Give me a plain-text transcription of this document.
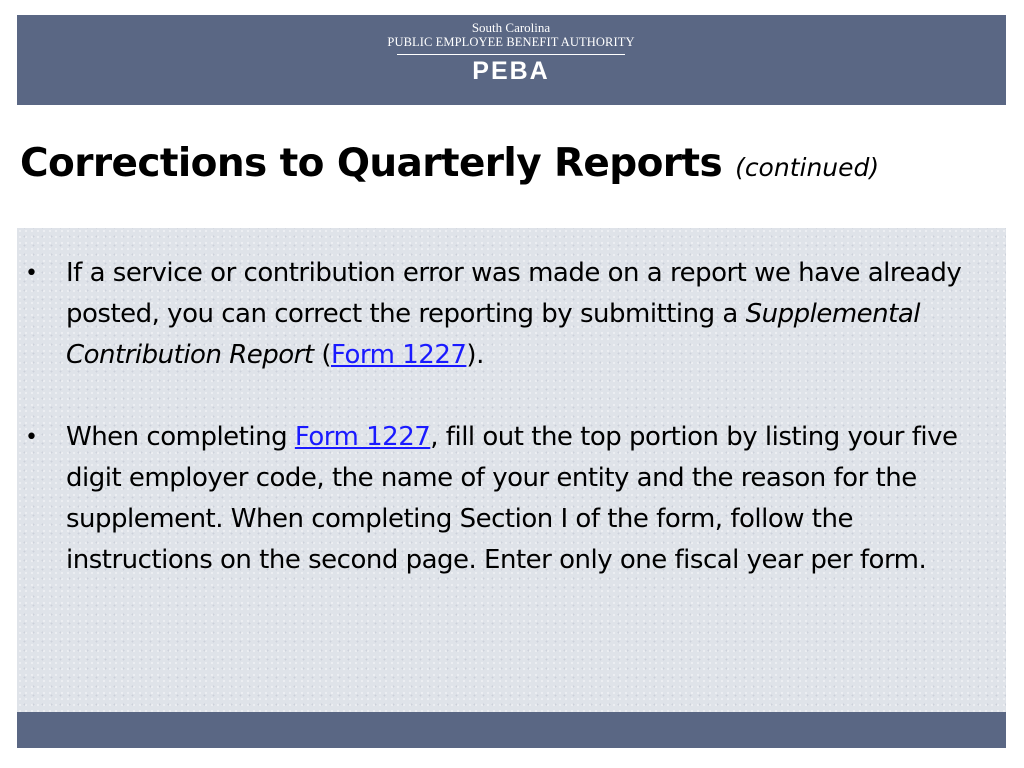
South Carolina
PUBLIC EMPLOYEE BENEFIT AUTHORITY
PEBA
Corrections to Quarterly Reports (continued)
• If a service or contribution error was made on a report we have already posted, you can correct the reporting by submitting a Supplemental Contribution Report (Form 1227).
• When completing Form 1227, fill out the top portion by listing your five digit employer code, the name of your entity and the reason for the supplement. When completing Section I of the form, follow the instructions on the second page. Enter only one fiscal year per form.
